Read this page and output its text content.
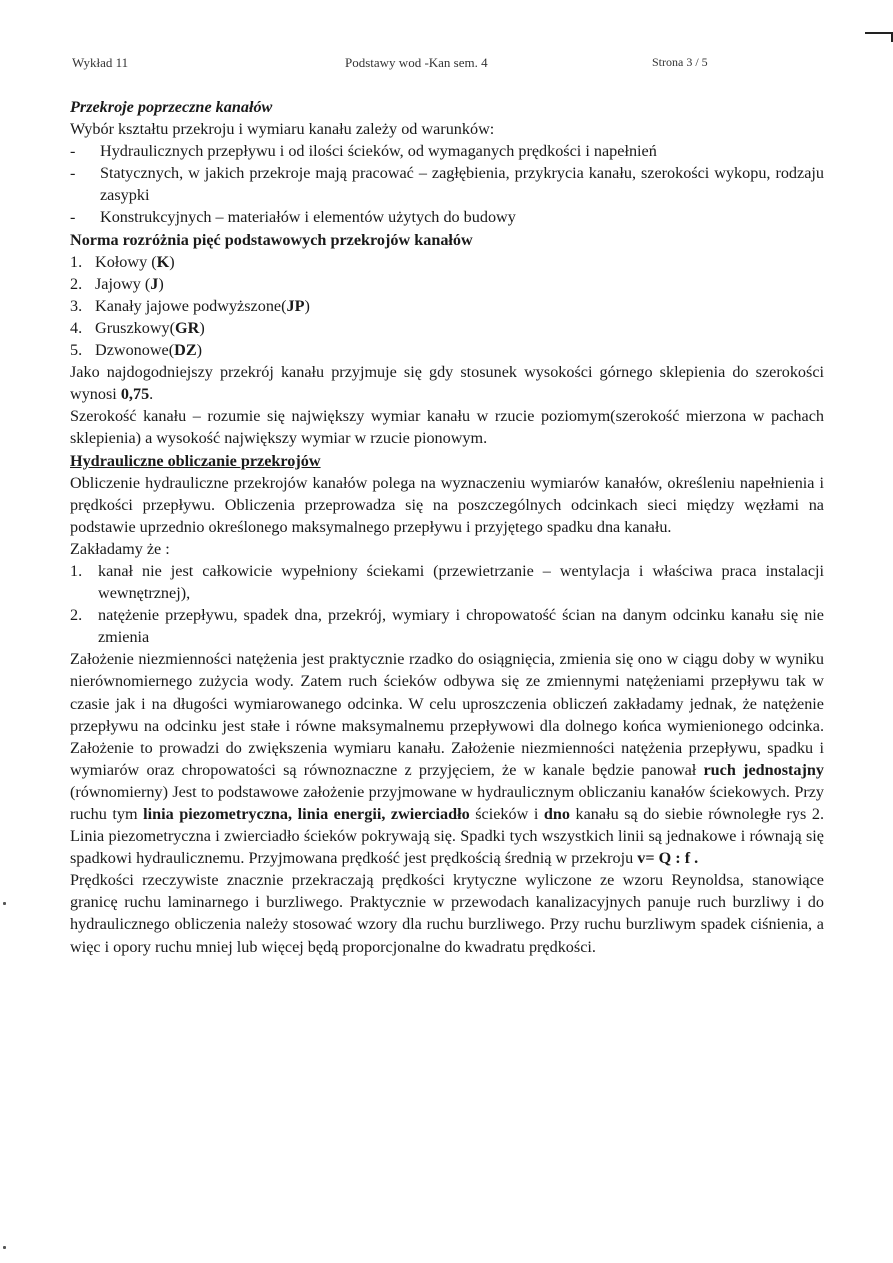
Wykład 11	Podstawy wod -Kan sem. 4	Strona 3 / 5
Przekroje poprzeczne kanałów
Wybór kształtu przekroju i wymiaru kanału zależy od warunków:
-	Hydraulicznych przepływu i od ilości ścieków, od wymaganych prędkości i napełnień
-	Statycznych, w jakich przekroje mają pracować – zagłębienia, przykrycia kanału, szerokości wykopu, rodzaju zasypki
-	Konstrukcyjnych – materiałów i elementów użytych do budowy
Norma rozróżnia pięć podstawowych przekrojów kanałów
1. Kołowy (K)
2. Jajowy (J)
3. Kanały jajowe podwyższone(JP)
4. Gruszkowy(GR)
5. Dzwonowe(DZ)

Jako najdogodniejszy przekrój kanału przyjmuje się gdy stosunek wysokości górnego sklepienia do szerokości wynosi 0,75.

Szerokość kanału – rozumie się największy wymiar kanału w rzucie poziomym(szerokość mierzona w pachach sklepienia) a wysokość największy wymiar w rzucie pionowym.

Hydrauliczne obliczanie przekrojów

Obliczenie hydrauliczne przekrojów kanałów polega na wyznaczeniu wymiarów kanałów, określeniu napełnienia i prędkości przepływu. Obliczenia przeprowadza się na poszczególnych odcinkach sieci między węzłami na podstawie uprzednio określonego maksymalnego przepływu i przyjętego spadku dna kanału.

Zakładamy że :
1. kanał nie jest całkowicie wypełniony ściekami (przewietrzanie – wentylacja i właściwa praca instalacji wewnętrznej),
2. natężenie przepływu, spadek dna, przekrój, wymiary i chropowatość ścian na danym odcinku kanału się nie zmienia

Założenie niezmienności natężenia jest praktycznie rzadko do osiągnięcia, zmienia się ono w ciągu doby w wyniku nierównomiernego zużycia wody. Zatem ruch ścieków odbywa się ze zmiennymi natężeniami przepływu tak w czasie jak i na długości wymiarowanego odcinka. W celu uproszczenia obliczeń zakładamy jednak, że natężenie przepływu na odcinku jest stałe i równe maksymalnemu przepływowi dla dolnego końca wymienionego odcinka. Założenie to prowadzi do zwiększenia wymiaru kanału. Założenie niezmienności natężenia przepływu, spadku i wymiarów oraz chropowatości są równoznaczne z przyjęciem, że w kanale będzie panował ruch jednostajny (równomierny) Jest to podstawowe założenie przyjmowane w hydraulicznym obliczaniu kanałów ściekowych. Przy ruchu tym linia piezometryczna, linia energii, zwierciadło ścieków i dno kanału są do siebie równoległe rys 2. Linia piezometryczna i zwierciadło ścieków pokrywają się. Spadki tych wszystkich linii są jednakowe i równają się spadkowi hydraulicznemu. Przyjmowana prędkość jest prędkością średnią w przekroju v= Q : f .

Prędkości rzeczywiste znacznie przekraczają prędkości krytyczne wyliczone ze wzoru Reynoldsa, stanowiące granicę ruchu laminarnego i burzliwego. Praktycznie w przewodach kanalizacyjnych panuje ruch burzliwy i do hydraulicznego obliczenia należy stosować wzory dla ruchu burzliwego. Przy ruchu burzliwym spadek ciśnienia, a więc i opory ruchu mniej lub więcej będą proporcjonalne do kwadratu prędkości.
